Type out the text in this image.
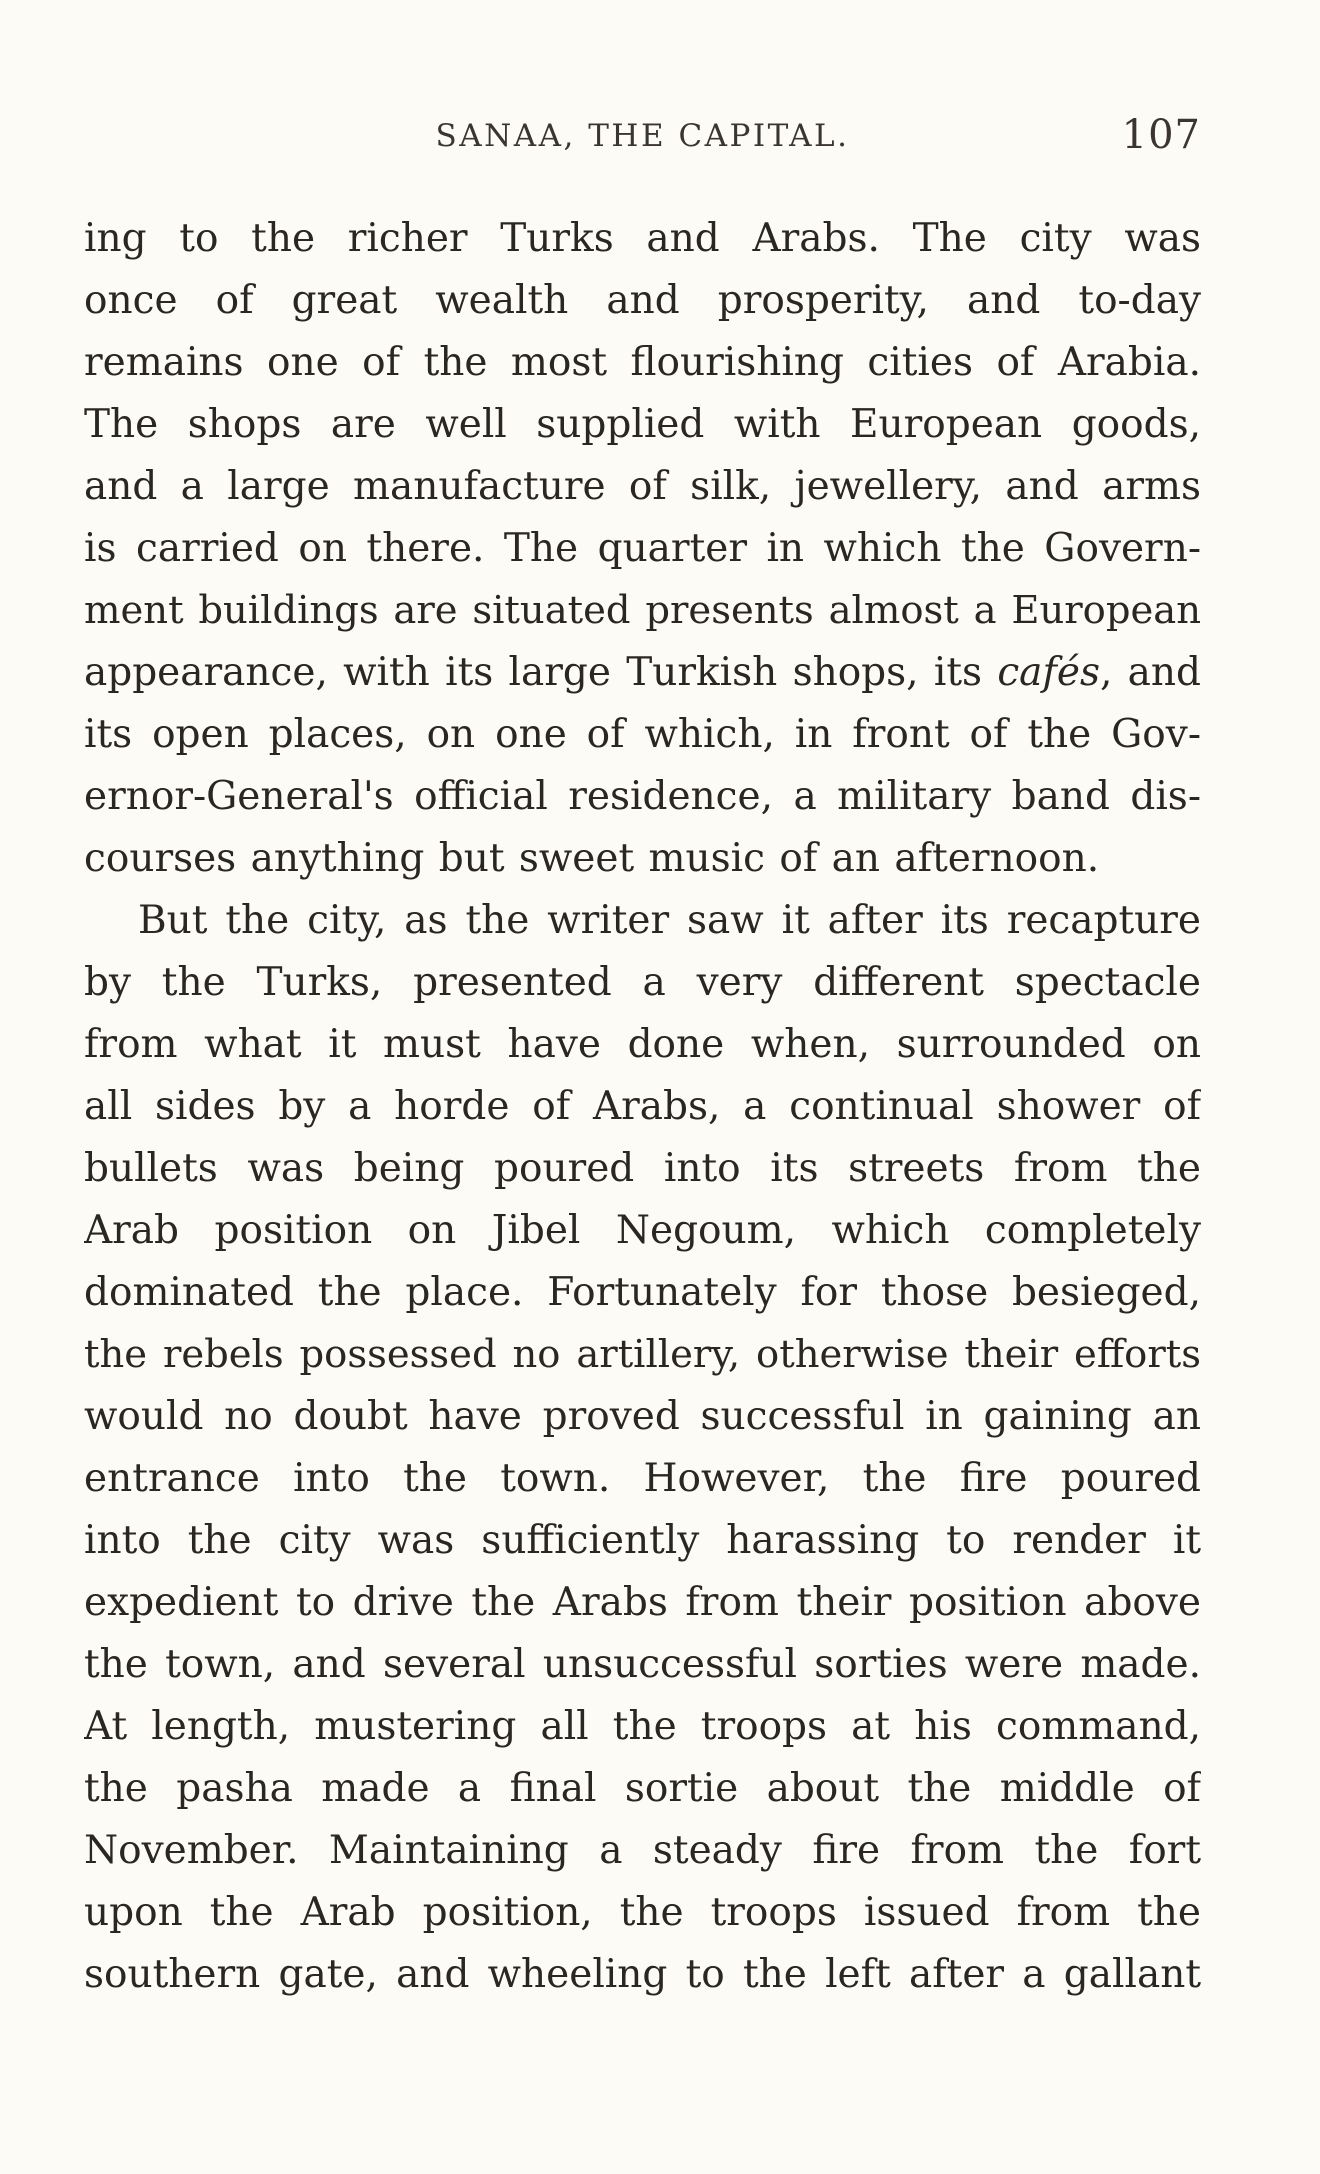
SANAA, THE CAPITAL.	107
ing to the richer Turks and Arabs. The city was
once of great wealth and prosperity, and to-day
remains one of the most flourishing cities of Arabia.
The shops are well supplied with European goods,
and a large manufacture of silk, jewellery, and arms
is carried on there. The quarter in which the Govern-
ment buildings are situated presents almost a European
appearance, with its large Turkish shops, its cafés, and
its open places, on one of which, in front of the Gov-
ernor-General's official residence, a military band dis-
courses anything but sweet music of an afternoon.
But the city, as the writer saw it after its recapture
by the Turks, presented a very different spectacle
from what it must have done when, surrounded on
all sides by a horde of Arabs, a continual shower of
bullets was being poured into its streets from the
Arab position on Jibel Negoum, which completely
dominated the place. Fortunately for those besieged,
the rebels possessed no artillery, otherwise their efforts
would no doubt have proved successful in gaining an
entrance into the town. However, the fire poured
into the city was sufficiently harassing to render it
expedient to drive the Arabs from their position above
the town, and several unsuccessful sorties were made.
At length, mustering all the troops at his command,
the pasha made a final sortie about the middle of
November. Maintaining a steady fire from the fort
upon the Arab position, the troops issued from the
southern gate, and wheeling to the left after a gallant
